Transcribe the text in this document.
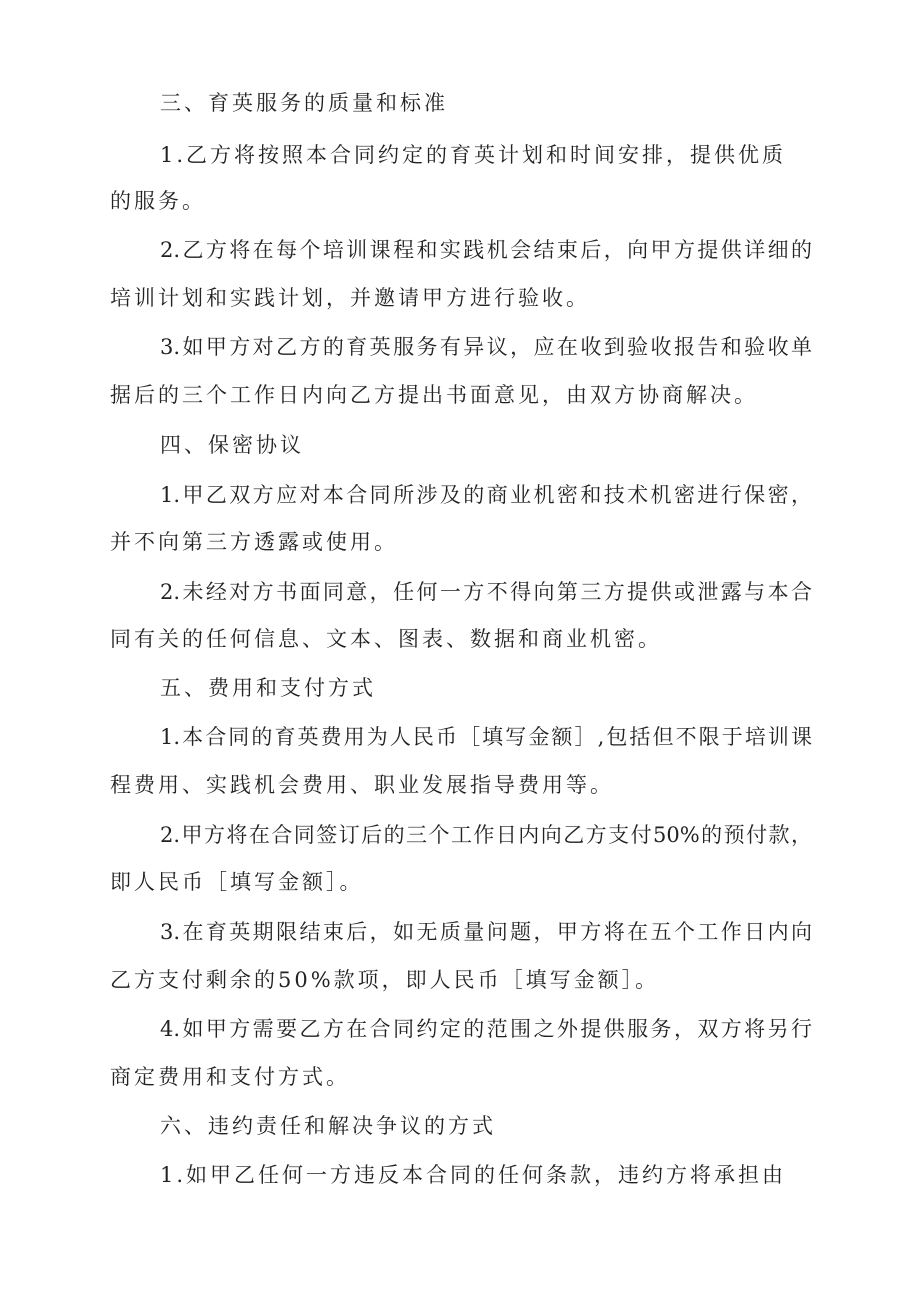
三、育英服务的质量和标准
1.乙方将按照本合同约定的育英计划和时间安排，提供优质
的服务。
2.乙方将在每个培训课程和实践机会结束后，向甲方提供详细的
培训计划和实践计划，并邀请甲方进行验收。
3.如甲方对乙方的育英服务有异议，应在收到验收报告和验收单
据后的三个工作日内向乙方提出书面意见，由双方协商解决。
四、保密协议
1.甲乙双方应对本合同所涉及的商业机密和技术机密进行保密，
并不向第三方透露或使用。
2.未经对方书面同意，任何一方不得向第三方提供或泄露与本合
同有关的任何信息、文本、图表、数据和商业机密。
五、费用和支付方式
1.本合同的育英费用为人民币［填写金额］,包括但不限于培训课
程费用、实践机会费用、职业发展指导费用等。
2.甲方将在合同签订后的三个工作日内向乙方支付50%的预付款，
即人民币［填写金额］。
3.在育英期限结束后，如无质量问题，甲方将在五个工作日内向
乙方支付剩余的50%款项，即人民币［填写金额］。
4.如甲方需要乙方在合同约定的范围之外提供服务，双方将另行
商定费用和支付方式。
六、违约责任和解决争议的方式
1.如甲乙任何一方违反本合同的任何条款，违约方将承担由
